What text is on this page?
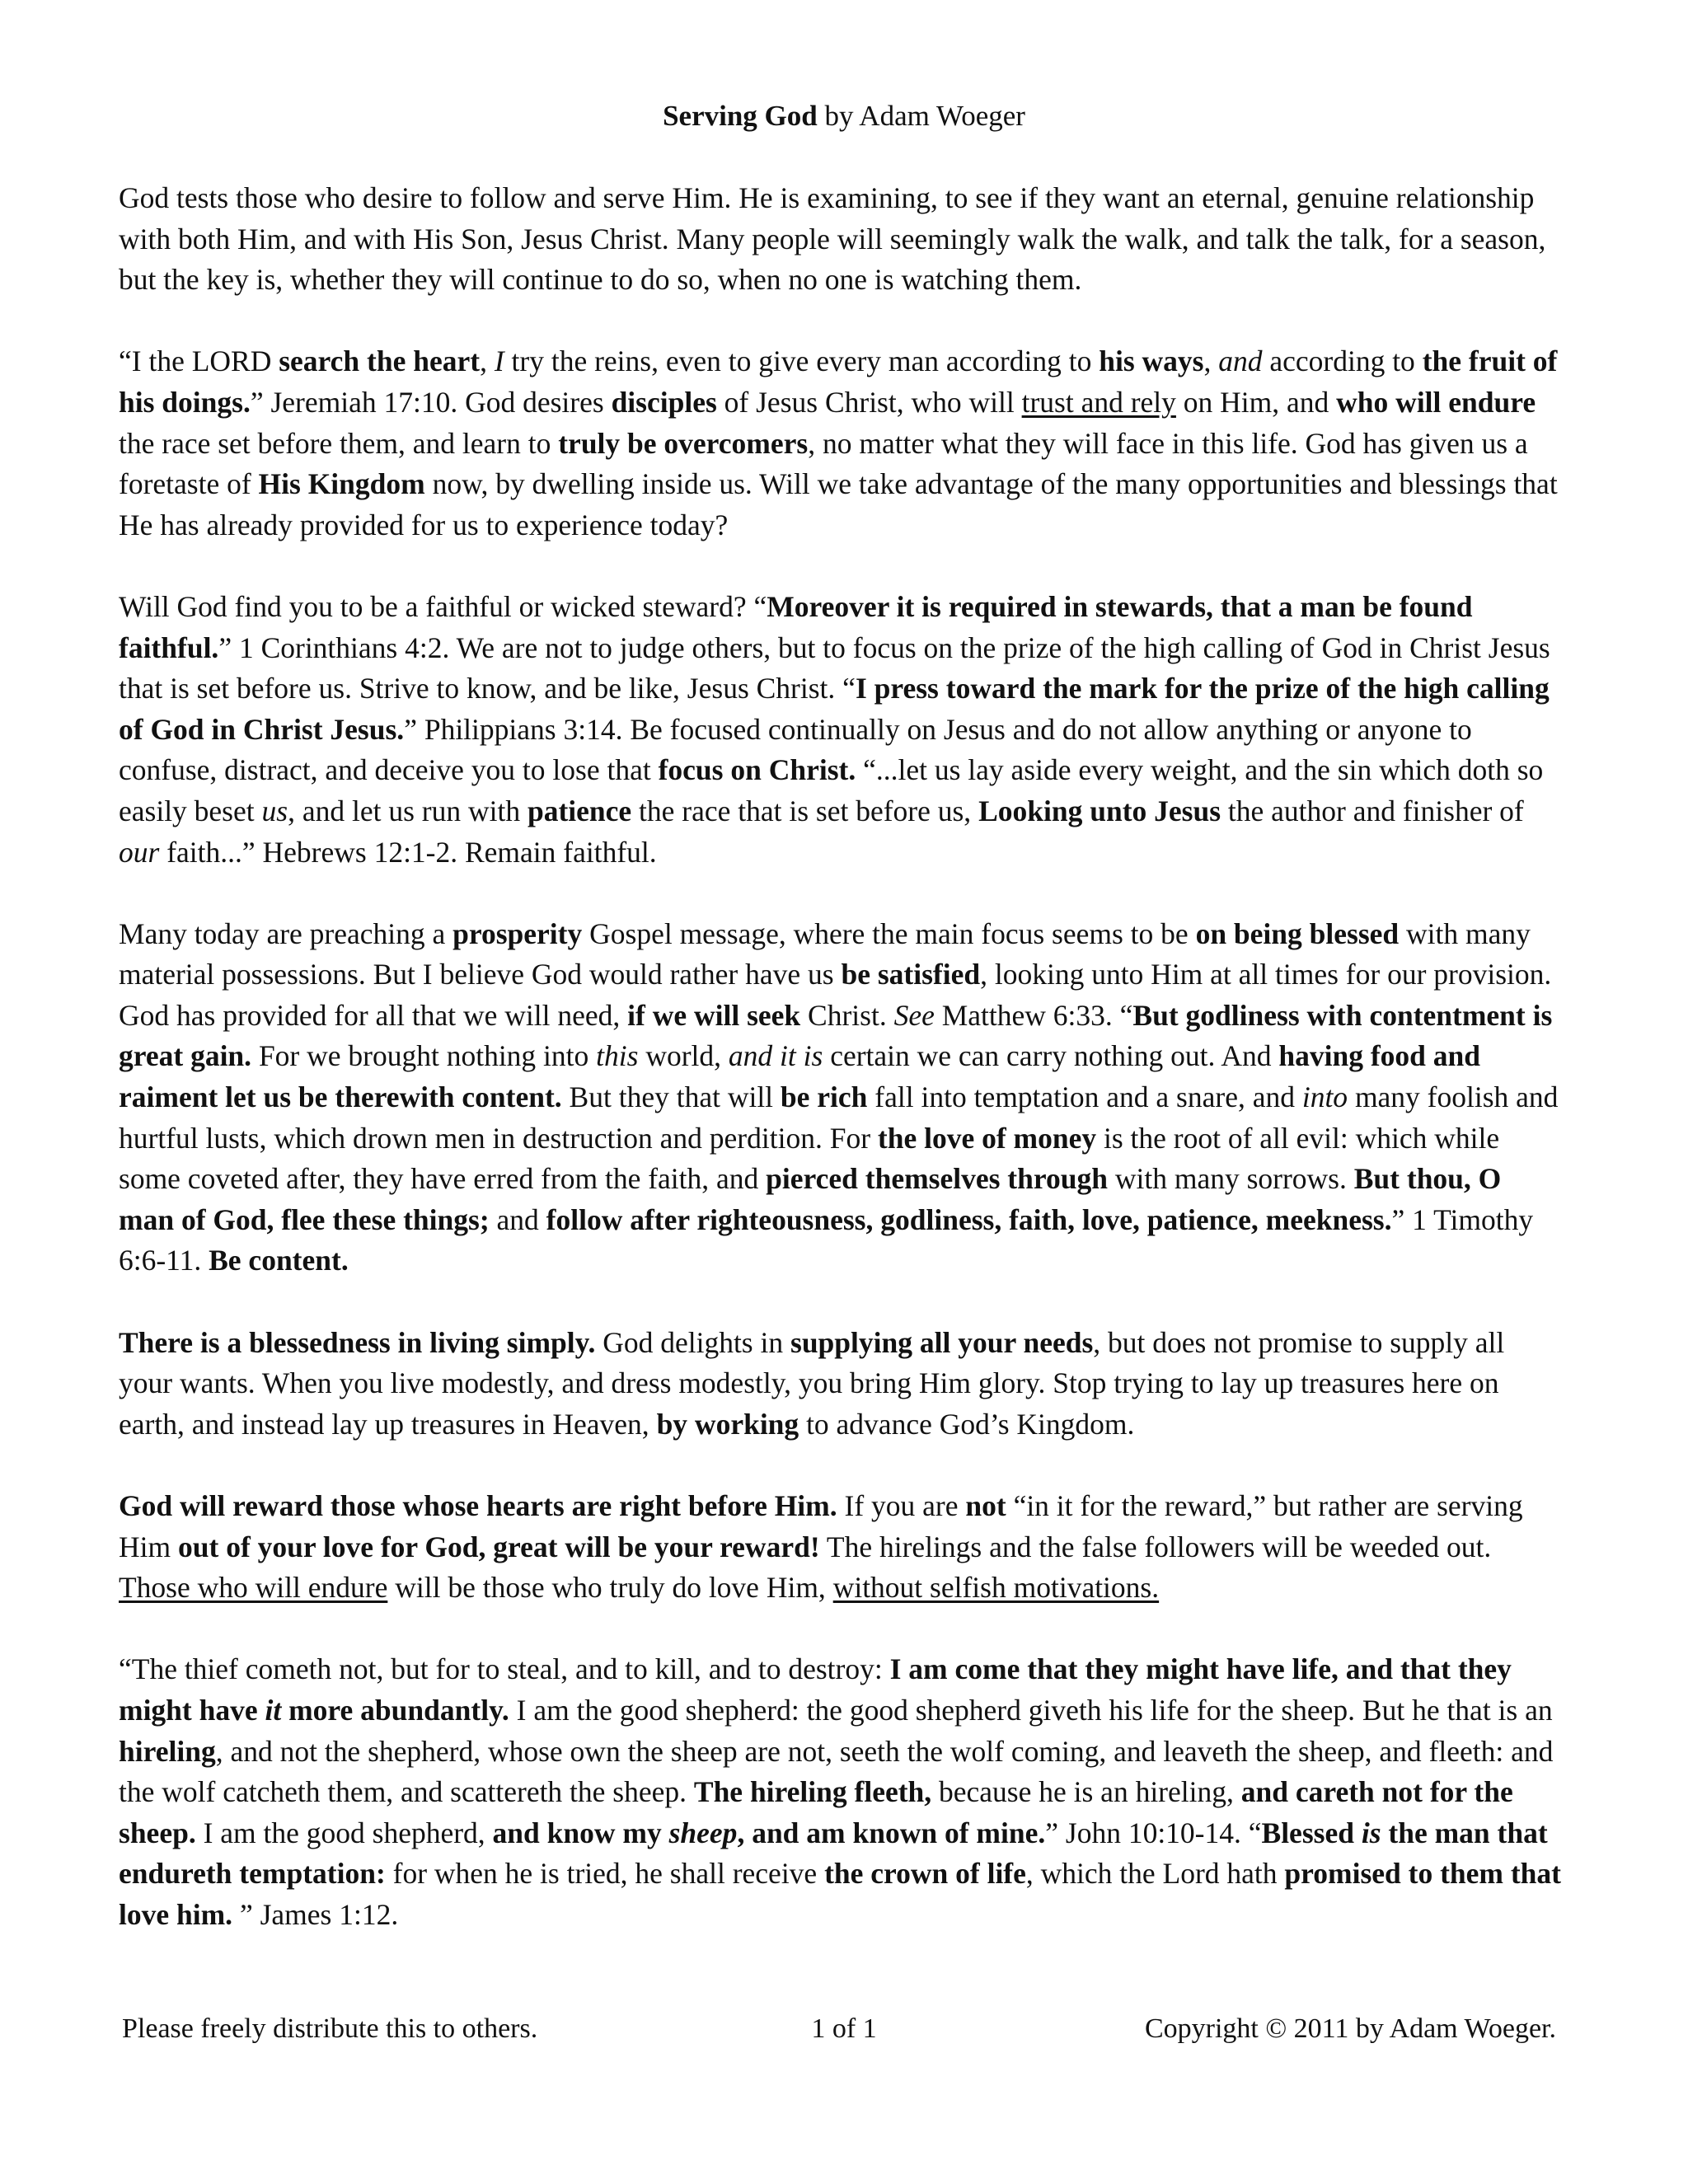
Serving God by Adam Woeger

God tests those who desire to follow and serve Him. He is examining, to see if they want an eternal, genuine relationship with both Him, and with His Son, Jesus Christ. Many people will seemingly walk the walk, and talk the talk, for a season, but the key is, whether they will continue to do so, when no one is watching them.

“I the LORD search the heart, I try the reins, even to give every man according to his ways, and according to the fruit of his doings.” Jeremiah 17:10. God desires disciples of Jesus Christ, who will trust and rely on Him, and who will endure the race set before them, and learn to truly be overcomers, no matter what they will face in this life. God has given us a foretaste of His Kingdom now, by dwelling inside us. Will we take advantage of the many opportunities and blessings that He has already provided for us to experience today?

Will God find you to be a faithful or wicked steward? “Moreover it is required in stewards, that a man be found faithful.” 1 Corinthians 4:2. We are not to judge others, but to focus on the prize of the high calling of God in Christ Jesus that is set before us. Strive to know, and be like, Jesus Christ. “I press toward the mark for the prize of the high calling of God in Christ Jesus.” Philippians 3:14. Be focused continually on Jesus and do not allow anything or anyone to confuse, distract, and deceive you to lose that focus on Christ. “...let us lay aside every weight, and the sin which doth so easily beset us, and let us run with patience the race that is set before us, Looking unto Jesus the author and finisher of our faith...” Hebrews 12:1-2. Remain faithful.

Many today are preaching a prosperity Gospel message, where the main focus seems to be on being blessed with many material possessions. But I believe God would rather have us be satisfied, looking unto Him at all times for our provision. God has provided for all that we will need, if we will seek Christ. See Matthew 6:33. “But godliness with contentment is great gain. For we brought nothing into this world, and it is certain we can carry nothing out. And having food and raiment let us be therewith content. But they that will be rich fall into temptation and a snare, and into many foolish and hurtful lusts, which drown men in destruction and perdition. For the love of money is the root of all evil: which while some coveted after, they have erred from the faith, and pierced themselves through with many sorrows. But thou, O man of God, flee these things; and follow after righteousness, godliness, faith, love, patience, meekness.” 1 Timothy 6:6-11. Be content.

There is a blessedness in living simply. God delights in supplying all your needs, but does not promise to supply all your wants. When you live modestly, and dress modestly, you bring Him glory. Stop trying to lay up treasures here on earth, and instead lay up treasures in Heaven, by working to advance God’s Kingdom.

God will reward those whose hearts are right before Him. If you are not “in it for the reward,” but rather are serving Him out of your love for God, great will be your reward! The hirelings and the false followers will be weeded out. Those who will endure will be those who truly do love Him, without selfish motivations.

“The thief cometh not, but for to steal, and to kill, and to destroy: I am come that they might have life, and that they might have it more abundantly. I am the good shepherd: the good shepherd giveth his life for the sheep. But he that is an hireling, and not the shepherd, whose own the sheep are not, seeth the wolf coming, and leaveth the sheep, and fleeth: and the wolf catcheth them, and scattereth the sheep. The hireling fleeth, because he is an hireling, and careth not for the sheep. I am the good shepherd, and know my sheep, and am known of mine.” John 10:10-14. “Blessed is the man that endureth temptation: for when he is tried, he shall receive the crown of life, which the Lord hath promised to them that love him. ” James 1:12.

Please freely distribute this to others.	1 of 1	Copyright © 2011 by Adam Woeger.
